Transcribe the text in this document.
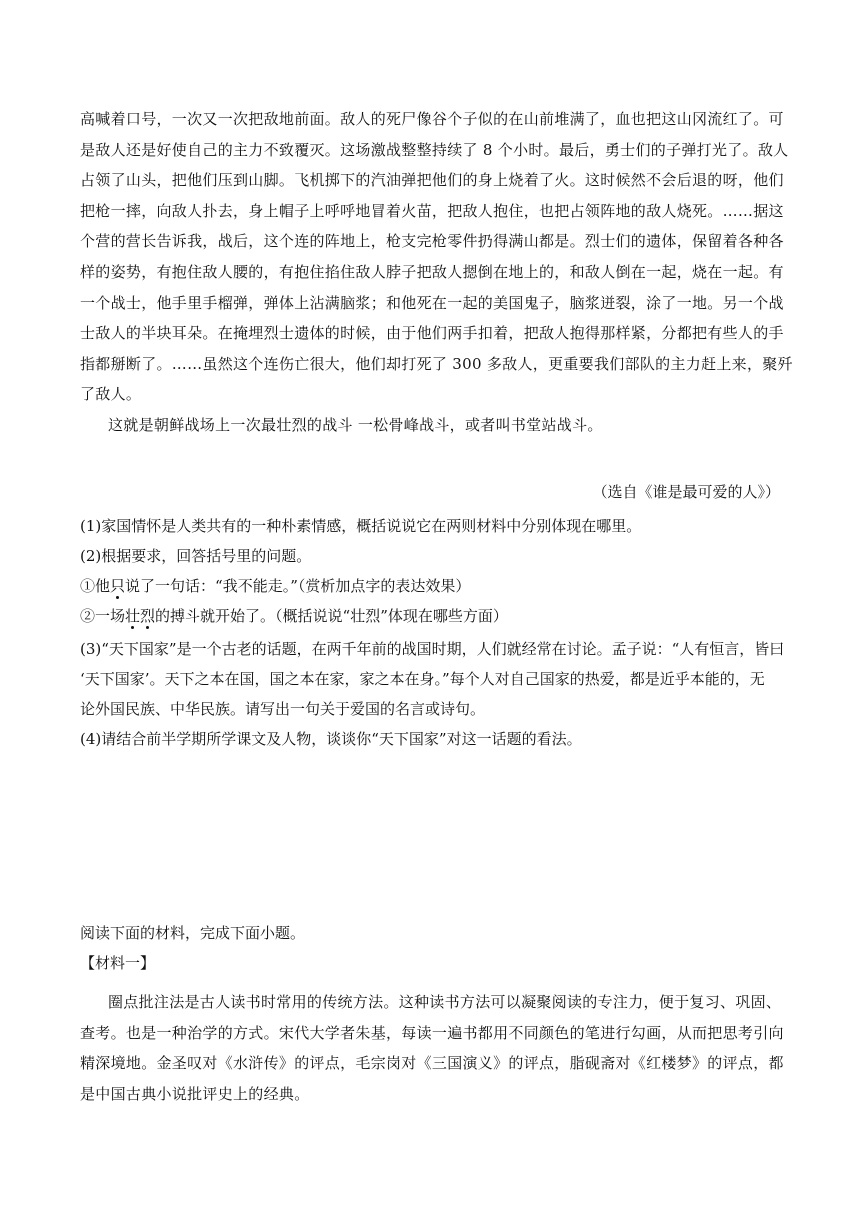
高喊着口号，一次又一次把敌地前面。敌人的死尸像谷个子似的在山前堆满了，血也把这山冈流红了。可
是敌人还是好使自己的主力不致覆灭。这场激战整整持续了 8 个小时。最后，勇士们的子弹打光了。敌人
占领了山头，把他们压到山脚。飞机掷下的汽油弹把他们的身上烧着了火。这时候然不会后退的呀，他们
把枪一摔，向敌人扑去，身上帽子上呼呼地冒着火苗，把敌人抱住，也把占领阵地的敌人烧死。……据这
个营的营长告诉我，战后，这个连的阵地上，枪支完枪零件扔得满山都是。烈士们的遗体，保留着各种各
样的姿势，有抱住敌人腰的，有抱住掐住敌人脖子把敌人摁倒在地上的，和敌人倒在一起，烧在一起。有
一个战士，他手里手榴弹，弹体上沾满脑浆；和他死在一起的美国鬼子，脑浆迸裂，涂了一地。另一个战
士敌人的半块耳朵。在掩埋烈士遗体的时候，由于他们两手扣着，把敌人抱得那样紧，分都把有些人的手
指都掰断了。……虽然这个连伤亡很大，他们却打死了 300 多敌人，更重要我们部队的主力赶上来，聚歼
了敌人。
这就是朝鲜战场上一次最壮烈的战斗 一松骨峰战斗，或者叫书堂站战斗。
（选自《谁是最可爱的人》）
(1)家国情怀是人类共有的一种朴素情感，概括说说它在两则材料中分别体现在哪里。
(2)根据要求，回答括号里的问题。
①他只说了一句话：“我不能走。”（赏析加点字的表达效果）
②一场壮烈的搏斗就开始了。（概括说说“壮烈”体现在哪些方面）
(3)“天下国家”是一个古老的话题，在两千年前的战国时期，人们就经常在讨论。孟子说：“人有恒言，皆曰
‘天下国家’。天下之本在国，国之本在家，家之本在身。”每个人对自己国家的热爱，都是近乎本能的，无
论外国民族、中华民族。请写出一句关于爱国的名言或诗句。
(4)请结合前半学期所学课文及人物，谈谈你“天下国家”对这一话题的看法。
阅读下面的材料，完成下面小题。
【材料一】
圈点批注法是古人读书时常用的传统方法。这种读书方法可以凝聚阅读的专注力，便于复习、巩固、
查考。也是一种治学的方式。宋代大学者朱基，每读一遍书都用不同颜色的笔进行勾画，从而把思考引向
精深境地。金圣叹对《水浒传》的评点，毛宗岗对《三国演义》的评点，脂砚斋对《红楼梦》的评点，都
是中国古典小说批评史上的经典。
